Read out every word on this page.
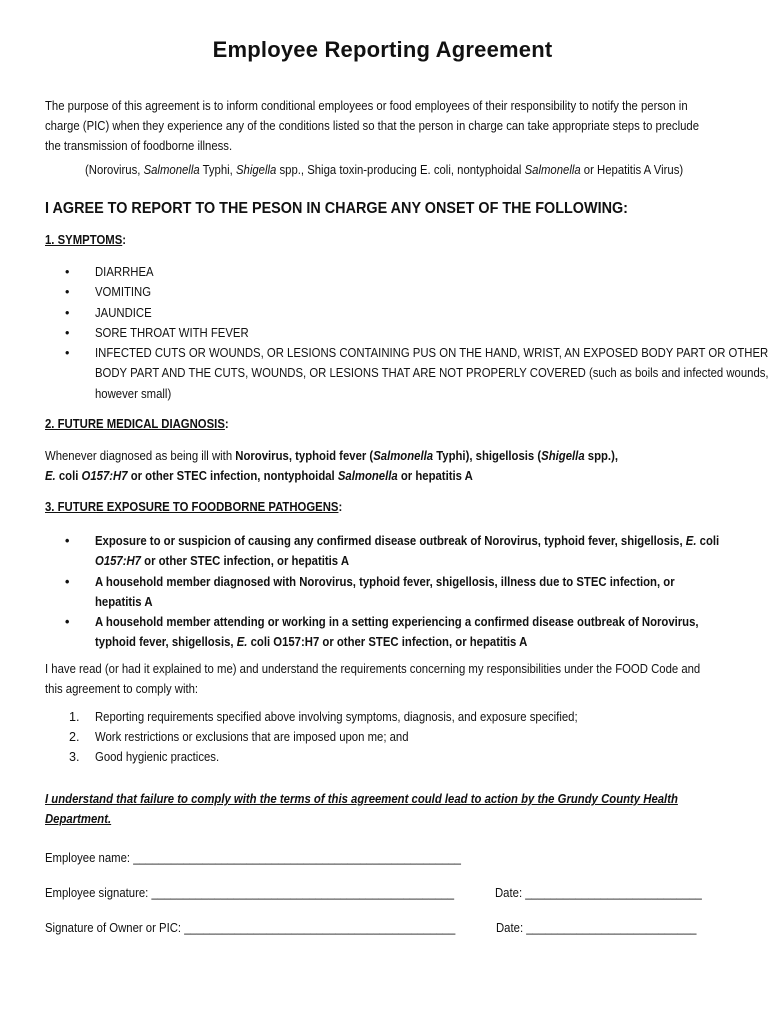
Employee Reporting Agreement

The purpose of this agreement is to inform conditional employees or food employees of their responsibility to notify the person in charge (PIC) when they experience any of the conditions listed so that the person in charge can take appropriate steps to preclude the transmission of foodborne illness.

(Norovirus, Salmonella Typhi, Shigella spp., Shiga toxin-producing E. coli, nontyphoidal Salmonella or Hepatitis A Virus)

I AGREE TO REPORT TO THE PESON IN CHARGE ANY ONSET OF THE FOLLOWING:

1. SYMPTOMS:

• DIARRHEA
• VOMITING
• JAUNDICE
• SORE THROAT WITH FEVER
• INFECTED CUTS OR WOUNDS, OR LESIONS CONTAINING PUS ON THE HAND, WRIST, AN EXPOSED BODY PART OR OTHER BODY PART AND THE CUTS, WOUNDS, OR LESIONS THAT ARE NOT PROPERLY COVERED (such as boils and infected wounds, however small)

2. FUTURE MEDICAL DIAGNOSIS:

Whenever diagnosed as being ill with Norovirus, typhoid fever (Salmonella Typhi), shigellosis (Shigella spp.),
E. coli O157:H7 or other STEC infection, nontyphoidal Salmonella or hepatitis A

3. FUTURE EXPOSURE TO FOODBORNE PATHOGENS:

• Exposure to or suspicion of causing any confirmed disease outbreak of Norovirus, typhoid fever, shigellosis, E. coli O157:H7 or other STEC infection, or hepatitis A
• A household member diagnosed with Norovirus, typhoid fever, shigellosis, illness due to STEC infection, or hepatitis A
• A household member attending or working in a setting experiencing a confirmed disease outbreak of Norovirus, typhoid fever, shigellosis, E. coli O157:H7 or other STEC infection, or hepatitis A

I have read (or had it explained to me) and understand the requirements concerning my responsibilities under the FOOD Code and this agreement to comply with:

1. Reporting requirements specified above involving symptoms, diagnosis, and exposure specified;
2. Work restrictions or exclusions that are imposed upon me; and
3. Good hygienic practices.

I understand that failure to comply with the terms of this agreement could lead to action by the Grundy County Health Department.

Employee name: ____________________________________________________

Employee signature: ________________________________________________	Date: ____________________________

Signature of Owner or PIC: ___________________________________________	Date: ___________________________
